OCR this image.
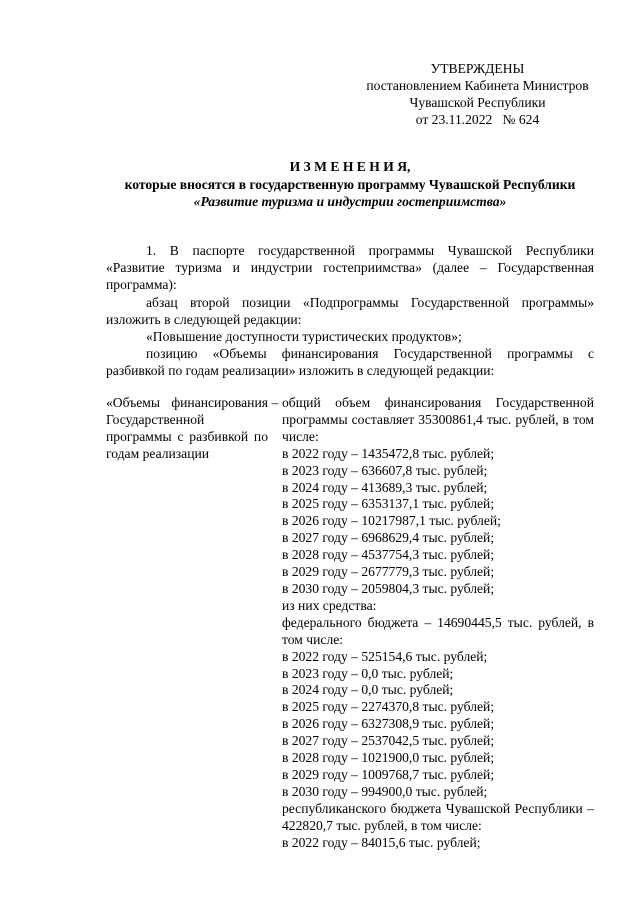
УТВЕРЖДЕНЫ
постановлением Кабинета Министров
Чувашской Республики
от 23.11.2022   № 624
И З М Е Н Е Н И Я,
которые вносятся в государственную программу Чувашской Республики
«Развитие туризма и индустрии гостеприимства»

1. В паспорте государственной программы Чувашской Республики «Развитие туризма и индустрии гостеприимства» (далее – Государственная программа):

абзац второй позиции «Подпрограммы Государственной программы» изложить в следующей редакции:

«Повышение доступности туристических продуктов»;

позицию «Объемы финансирования Государственной программы с разбивкой по годам реализации» изложить в следующей редакции:

«Объемы финансирования Государственной программы с разбивкой по годам реализации
– общий объем финансирования Государственной программы составляет 35300861,4 тыс. рублей, в том числе:
в 2022 году – 1435472,8 тыс. рублей;
в 2023 году – 636607,8 тыс. рублей;
в 2024 году – 413689,3 тыс. рублей;
в 2025 году – 6353137,1 тыс. рублей;
в 2026 году – 10217987,1 тыс. рублей;
в 2027 году – 6968629,4 тыс. рублей;
в 2028 году – 4537754,3 тыс. рублей;
в 2029 году – 2677779,3 тыс. рублей;
в 2030 году – 2059804,3 тыс. рублей;
из них средства:
федерального бюджета – 14690445,5 тыс. рублей, в том числе:
в 2022 году – 525154,6 тыс. рублей;
в 2023 году – 0,0 тыс. рублей;
в 2024 году – 0,0 тыс. рублей;
в 2025 году – 2274370,8 тыс. рублей;
в 2026 году – 6327308,9 тыс. рублей;
в 2027 году – 2537042,5 тыс. рублей;
в 2028 году – 1021900,0 тыс. рублей;
в 2029 году – 1009768,7 тыс. рублей;
в 2030 году – 994900,0 тыс. рублей;
республиканского бюджета Чувашской Республики – 422820,7 тыс. рублей, в том числе:
в 2022 году – 84015,6 тыс. рублей;
